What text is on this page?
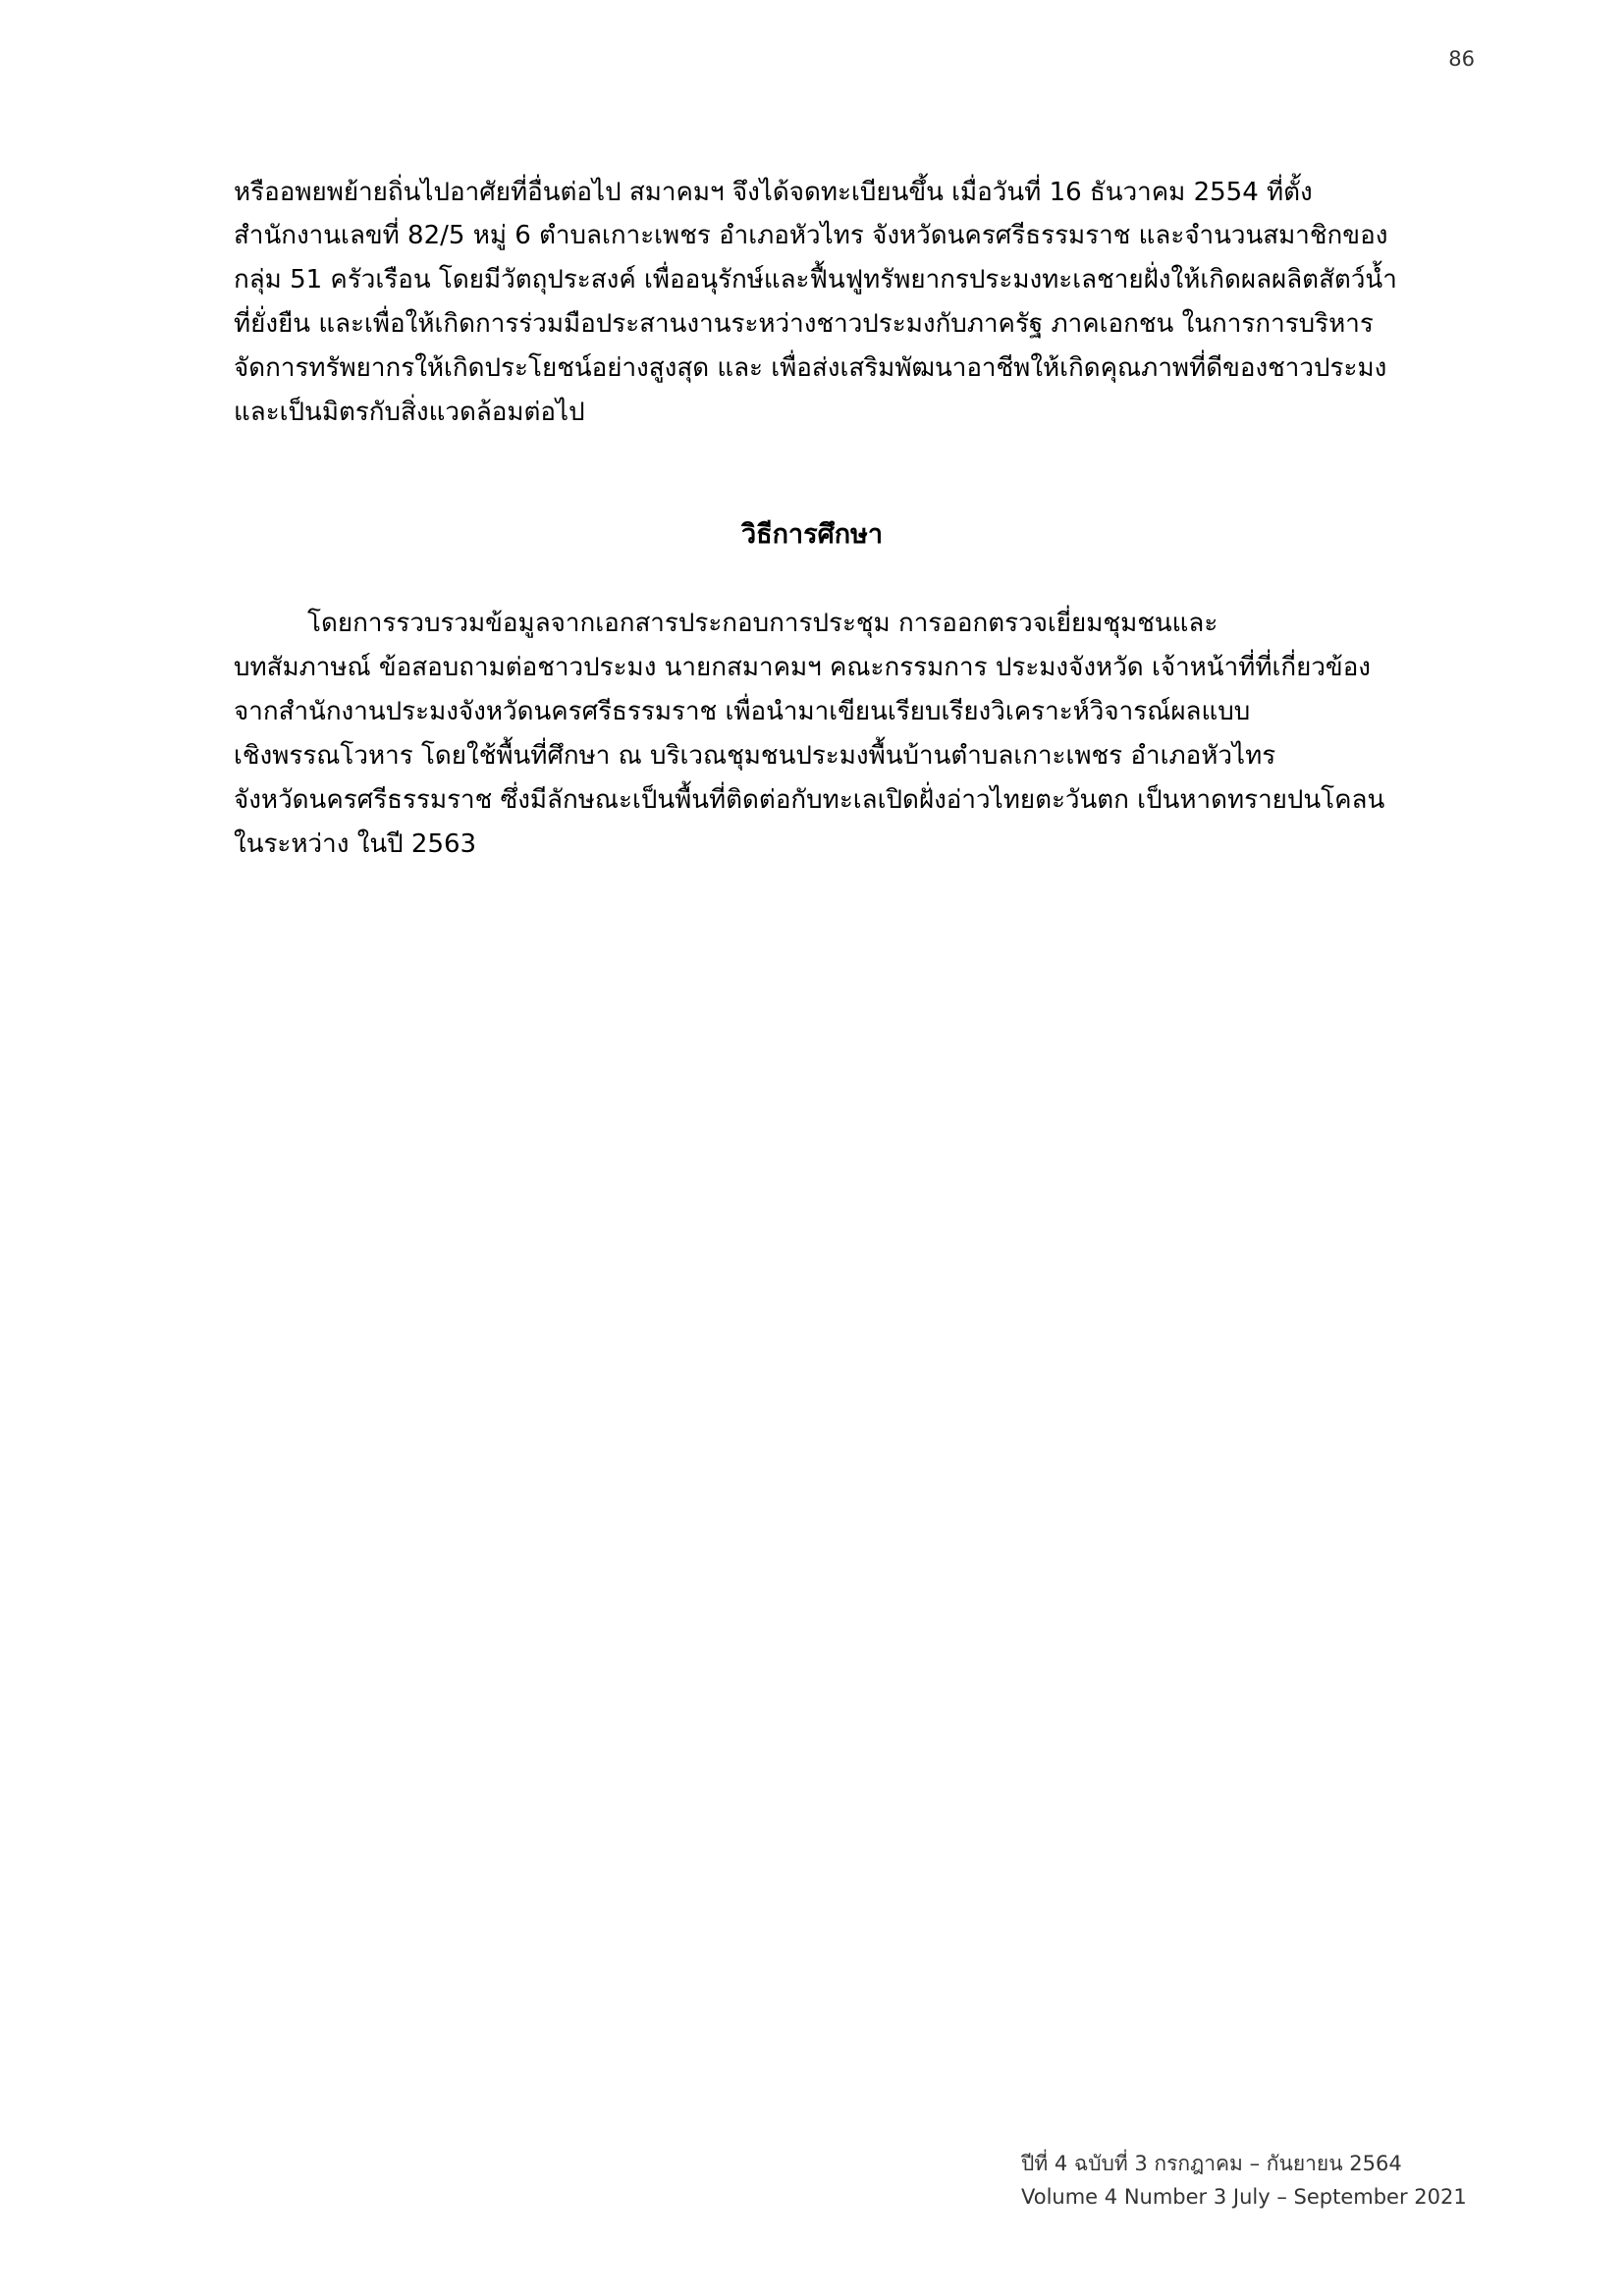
86
หรืออพยพย้ายถิ่นไปอาศัยที่อื่นต่อไป สมาคมฯ จึงได้จดทะเบียนขึ้น เมื่อวันที่ 16 ธันวาคม 2554 ที่ตั้ง
สำนักงานเลขที่ 82/5 หมู่ 6 ตำบลเกาะเพชร อำเภอหัวไทร จังหวัดนครศรีธรรมราช และจำนวนสมาชิกของ
กลุ่ม 51 ครัวเรือน โดยมีวัตถุประสงค์ เพื่ออนุรักษ์และฟื้นฟูทรัพยากรประมงทะเลชายฝั่งให้เกิดผลผลิตสัตว์น้ำ
ที่ยั่งยืน และเพื่อให้เกิดการร่วมมือประสานงานระหว่างชาวประมงกับภาครัฐ ภาคเอกชน ในการการบริหาร
จัดการทรัพยากรให้เกิดประโยชน์อย่างสูงสุด และ เพื่อส่งเสริมพัฒนาอาชีพให้เกิดคุณภาพที่ดีของชาวประมง
และเป็นมิตรกับสิ่งแวดล้อมต่อไป
วิธีการศึกษา
โดยการรวบรวมข้อมูลจากเอกสารประกอบการประชุม การออกตรวจเยี่ยมชุมชนและ
บทสัมภาษณ์ ข้อสอบถามต่อชาวประมง นายกสมาคมฯ คณะกรรมการ ประมงจังหวัด เจ้าหน้าที่ที่เกี่ยวข้อง
จากสำนักงานประมงจังหวัดนครศรีธรรมราช เพื่อนำมาเขียนเรียบเรียงวิเคราะห์วิจารณ์ผลแบบ
เชิงพรรณโวหาร โดยใช้พื้นที่ศึกษา ณ บริเวณชุมชนประมงพื้นบ้านตำบลเกาะเพชร อำเภอหัวไทร
จังหวัดนครศรีธรรมราช ซึ่งมีลักษณะเป็นพื้นที่ติดต่อกับทะเลเปิดฝั่งอ่าวไทยตะวันตก เป็นหาดทรายปนโคลน
ในระหว่าง ในปี 2563
ปีที่ 4 ฉบับที่ 3 กรกฎาคม – กันยายน 2564
Volume 4 Number 3 July – September 2021
